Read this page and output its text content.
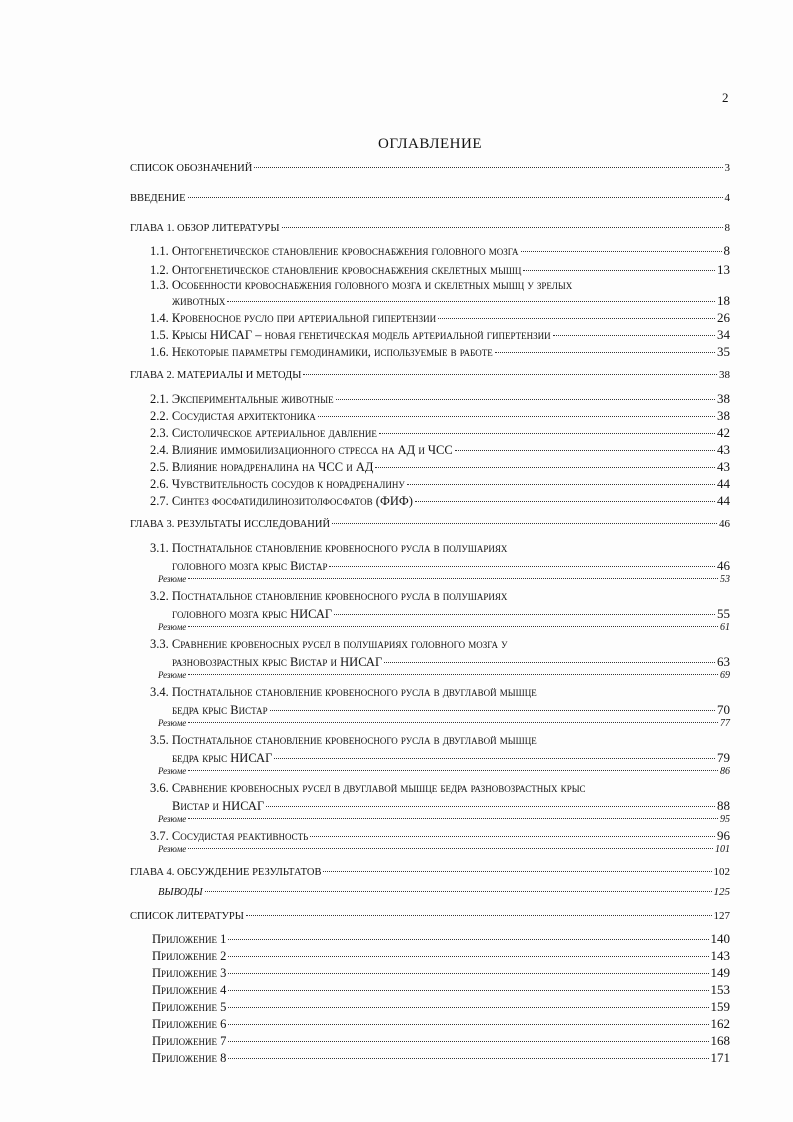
2
ОГЛАВЛЕНИЕ
СПИСОК ОБОЗНАЧЕНИЙ	3
ВВЕДЕНИЕ	4
ГЛАВА 1. ОБЗОР ЛИТЕРАТУРЫ	8
1.1. Онтогенетическое становление кровоснабжения головного мозга	8
1.2. Онтогенетическое становление кровоснабжения скелетных мышц	13
1.3. Особенности кровоснабжения головного мозга и скелетных мышц у зрелых
животных	18
1.4. Кровеносное русло при артериальной гипертензии	26
1.5. Крысы НИСАГ – новая генетическая модель артериальной гипертензии	34
1.6. Некоторые параметры гемодинамики, используемые в работе	35
ГЛАВА 2. МАТЕРИАЛЫ И МЕТОДЫ	38
2.1. Экспериментальные животные	38
2.2. Сосудистая архитектоника	38
2.3. Систолическое артериальное давление	42
2.4. Влияние иммобилизационного стресса на АД и ЧСС	43
2.5. Влияние норадреналина на ЧСС и АД	43
2.6. Чувствительность сосудов к норадреналину	44
2.7. Синтез фосфатидилинозитолфосфатов (ФИФ)	44
ГЛАВА 3. РЕЗУЛЬТАТЫ ИССЛЕДОВАНИЙ	46
3.1. Постнатальное становление кровеносного русла в полушариях
головного мозга крыс Вистар	46
Резюме	53
3.2. Постнатальное становление кровеносного русла в полушариях
головного мозга крыс НИСАГ	55
Резюме	61
3.3. Сравнение кровеносных русел в полушариях головного мозга у
разновозрастных крыс Вистар и НИСАГ	63
Резюме	69
3.4. Постнатальное становление кровеносного русла в двуглавой мышце
бедра крыс Вистар	70
Резюме	77
3.5. Постнатальное становление кровеносного русла в двуглавой мышце
бедра крыс НИСАГ	79
Резюме	86
3.6. Сравнение кровеносных русел в двуглавой мышце бедра разновозрастных крыс
Вистар и НИСАГ	88
Резюме	95
3.7. Сосудистая реактивность	96
Резюме	101
ГЛАВА 4. ОБСУЖДЕНИЕ РЕЗУЛЬТАТОВ	102
ВЫВОДЫ	125
СПИСОК ЛИТЕРАТУРЫ	127
Приложение 1	140
Приложение 2	143
Приложение 3	149
Приложение 4	153
Приложение 5	159
Приложение 6	162
Приложение 7	168
Приложение 8	171
